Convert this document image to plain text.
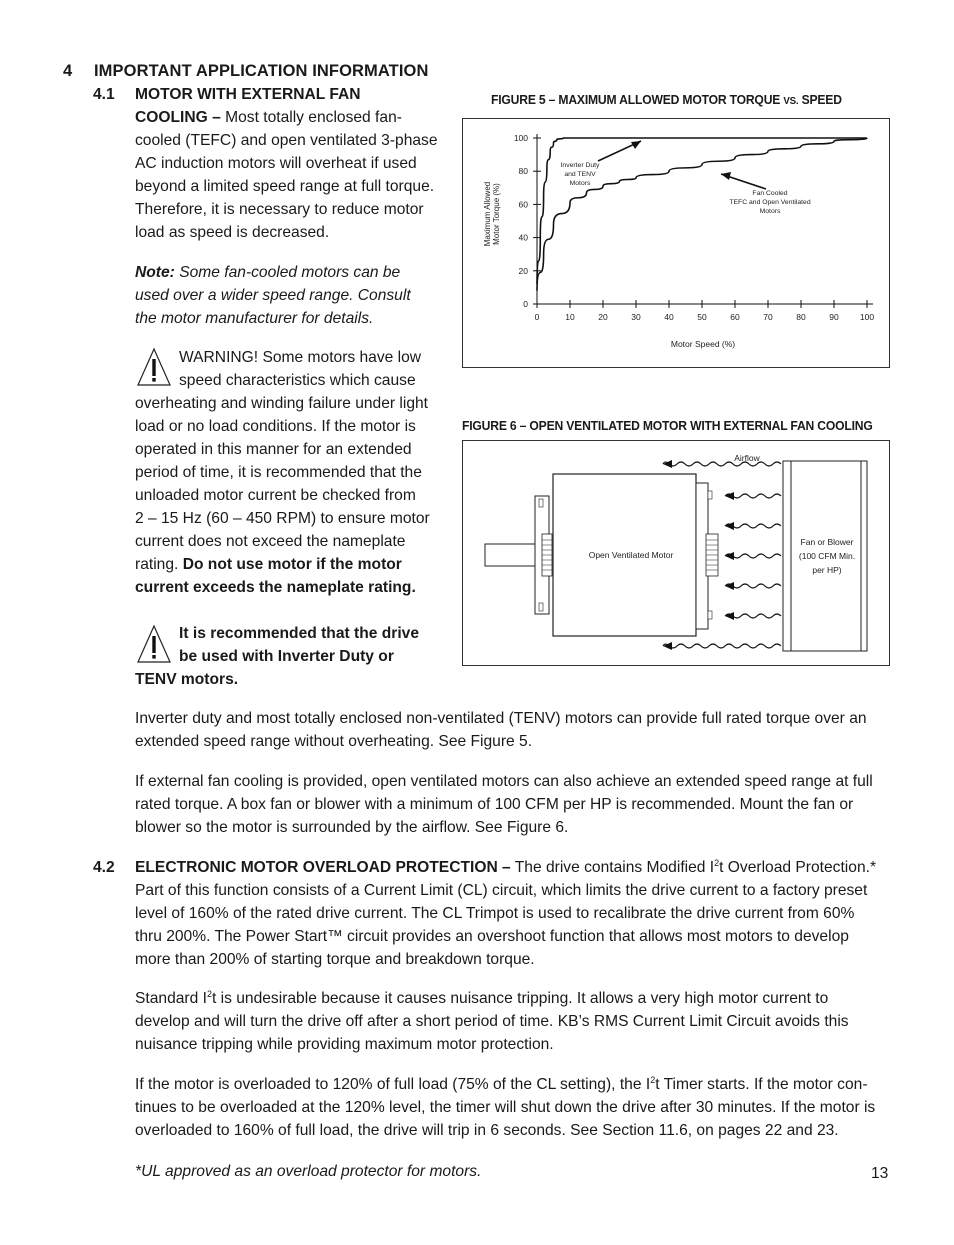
4 IMPORTANT APPLICATION INFORMATION
4.1 MOTOR WITH EXTERNAL FAN
COOLING – Most totally enclosed fan-
cooled (TEFC) and open ventilated 3-phase
AC induction motors will overheat if used
beyond a limited speed range at full torque.
Therefore, it is necessary to reduce motor
load as speed is decreased.
Note: Some fan-cooled motors can be
used over a wider speed range. Consult
the motor manufacturer for details.
WARNING! Some motors have low
speed characteristics which cause
overheating and winding failure under light
load or no load conditions. If the motor is
operated in this manner for an extended
period of time, it is recommended that the
unloaded motor current be checked from
2 – 15 Hz (60 – 450 RPM) to ensure motor
current does not exceed the nameplate
rating. Do not use motor if the motor
current exceeds the nameplate rating.
It is recommended that the drive
be used with Inverter Duty or
TENV motors.
FIGURE 5 – MAXIMUM ALLOWED MOTOR TORQUE VS. SPEED
0	10	20	30	40	50	60	70	80	90 100
0
20
40
60
80
100
Motor Speed (%)
Maximum Allowed Motor Torque (%)
Inverter Duty
and TENV
Motors
Fan Cooled
TEFC and Open Ventilated
Motors
FIGURE 6 – OPEN VENTILATED MOTOR WITH EXTERNAL FAN COOLING
Open Ventilated Motor
Fan or Blower
(100 CFM Min.
per HP)
Airflow
Inverter duty and most totally enclosed non-ventilated (TENV) motors can provide full rated torque over an
extended speed range without overheating. See Figure 5.
If external fan cooling is provided, open ventilated motors can also achieve an extended speed range at full
rated torque. A box fan or blower with a minimum of 100 CFM per HP is recommended. Mount the fan or
blower so the motor is surrounded by the airflow. See Figure 6.
4.2 ELECTRONIC MOTOR OVERLOAD PROTECTION – The drive contains Modified $I^2t$ Overload Protection.*
Part of this function consists of a Current Limit (CL) circuit, which limits the drive current to a factory preset
level of 160% of the rated drive current. The CL Trimpot is used to recalibrate the drive current from 60%
thru 200%. The Power Start™ circuit provides an overshoot function that allows most motors to develop
more than 200% of starting torque and breakdown torque.
Standard $I^2t$ is undesirable because it causes nuisance tripping. It allows a very high motor current to
develop and will turn the drive off after a short period of time. KB’s RMS Current Limit Circuit avoids this
nuisance tripping while providing maximum motor protection.
If the motor is overloaded to 120% of full load (75% of the CL setting), the $I^2t$ Timer starts. If the motor con-
tinues to be overloaded at the 120% level, the timer will shut down the drive after 30 minutes. If the motor is
overloaded to 160% of full load, the drive will trip in 6 seconds. See Section 11.6, on pages 22 and 23.
*UL approved as an overload protector for motors.	13
